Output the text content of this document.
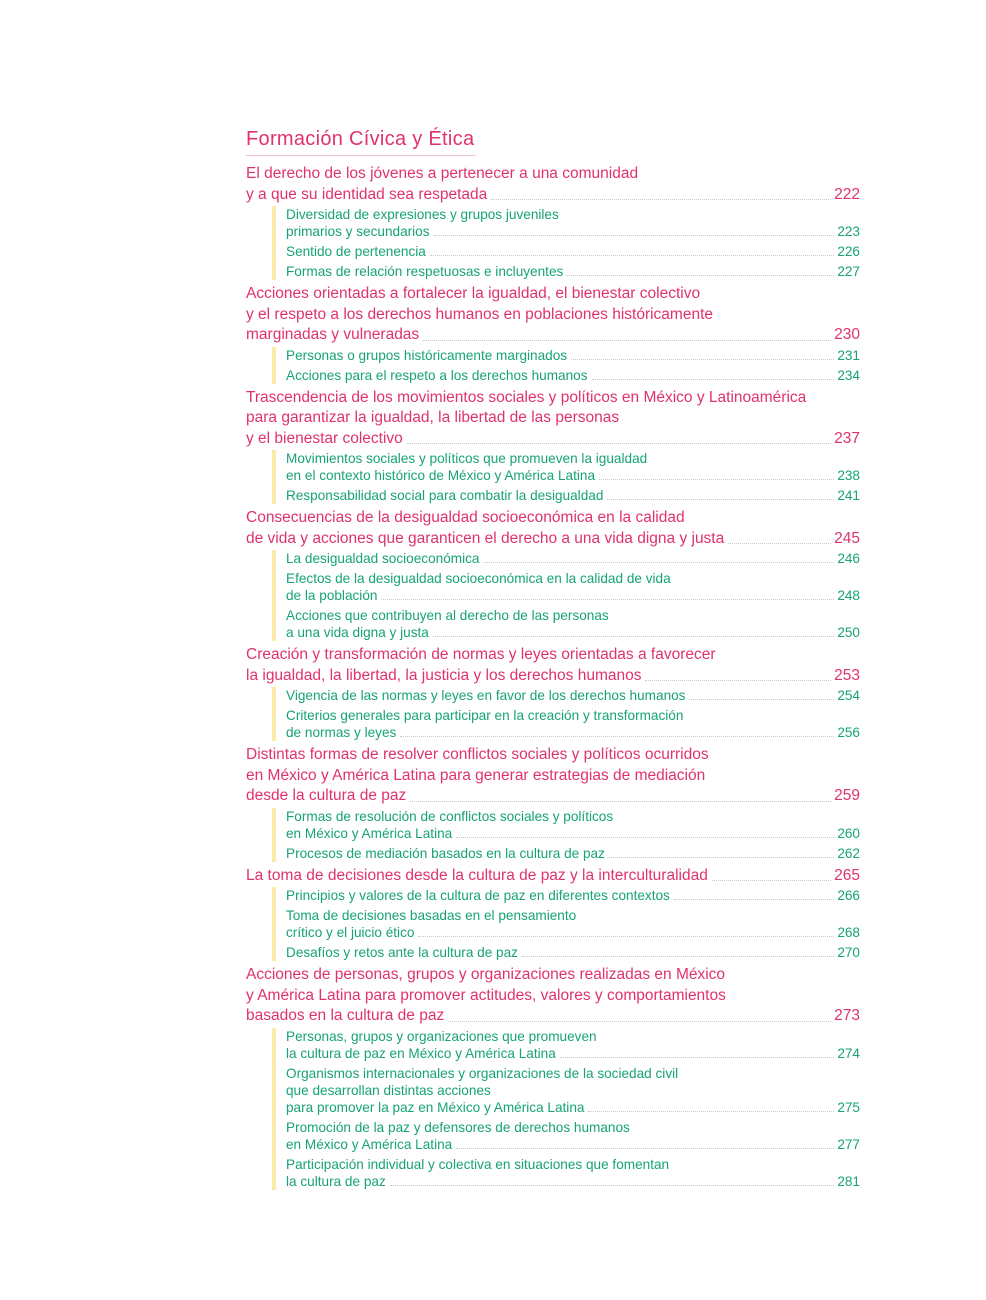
Formación Cívica y Ética
El derecho de los jóvenes a pertenecer a una comunidad
y a que su identidad sea respetada	222
Diversidad de expresiones y grupos juveniles
primarios y secundarios	223
Sentido de pertenencia	226
Formas de relación respetuosas e incluyentes	227
Acciones orientadas a fortalecer la igualdad, el bienestar colectivo
y el respeto a los derechos humanos en poblaciones históricamente
marginadas y vulneradas	230
Personas o grupos históricamente marginados	231
Acciones para el respeto a los derechos humanos	234
Trascendencia de los movimientos sociales y políticos en México y Latinoamérica
para garantizar la igualdad, la libertad de las personas
y el bienestar colectivo	237
Movimientos sociales y políticos que promueven la igualdad
en el contexto histórico de México y América Latina	238
Responsabilidad social para combatir la desigualdad	241
Consecuencias de la desigualdad socioeconómica en la calidad
de vida y acciones que garanticen el derecho a una vida digna y justa	245
La desigualdad socioeconómica	246
Efectos de la desigualdad socioeconómica en la calidad de vida
de la población	248
Acciones que contribuyen al derecho de las personas
a una vida digna y justa	250
Creación y transformación de normas y leyes orientadas a favorecer
la igualdad, la libertad, la justicia y los derechos humanos	253
Vigencia de las normas y leyes en favor de los derechos humanos	254
Criterios generales para participar en la creación y transformación
de normas y leyes	256
Distintas formas de resolver conflictos sociales y políticos ocurridos
en México y América Latina para generar estrategias de mediación
desde la cultura de paz	259
Formas de resolución de conflictos sociales y políticos
en México y América Latina	260
Procesos de mediación basados en la cultura de paz	262
La toma de decisiones desde la cultura de paz y la interculturalidad	265
Principios y valores de la cultura de paz en diferentes contextos	266
Toma de decisiones basadas en el pensamiento
crítico y el juicio ético	268
Desafíos y retos ante la cultura de paz	270
Acciones de personas, grupos y organizaciones realizadas en México
y América Latina para promover actitudes, valores y comportamientos
basados en la cultura de paz	273
Personas, grupos y organizaciones que promueven
la cultura de paz en México y América Latina	274
Organismos internacionales y organizaciones de la sociedad civil
que desarrollan distintas acciones
para promover la paz en México y América Latina	275
Promoción de la paz y defensores de derechos humanos
en México y América Latina	277
Participación individual y colectiva en situaciones que fomentan
la cultura de paz	281
